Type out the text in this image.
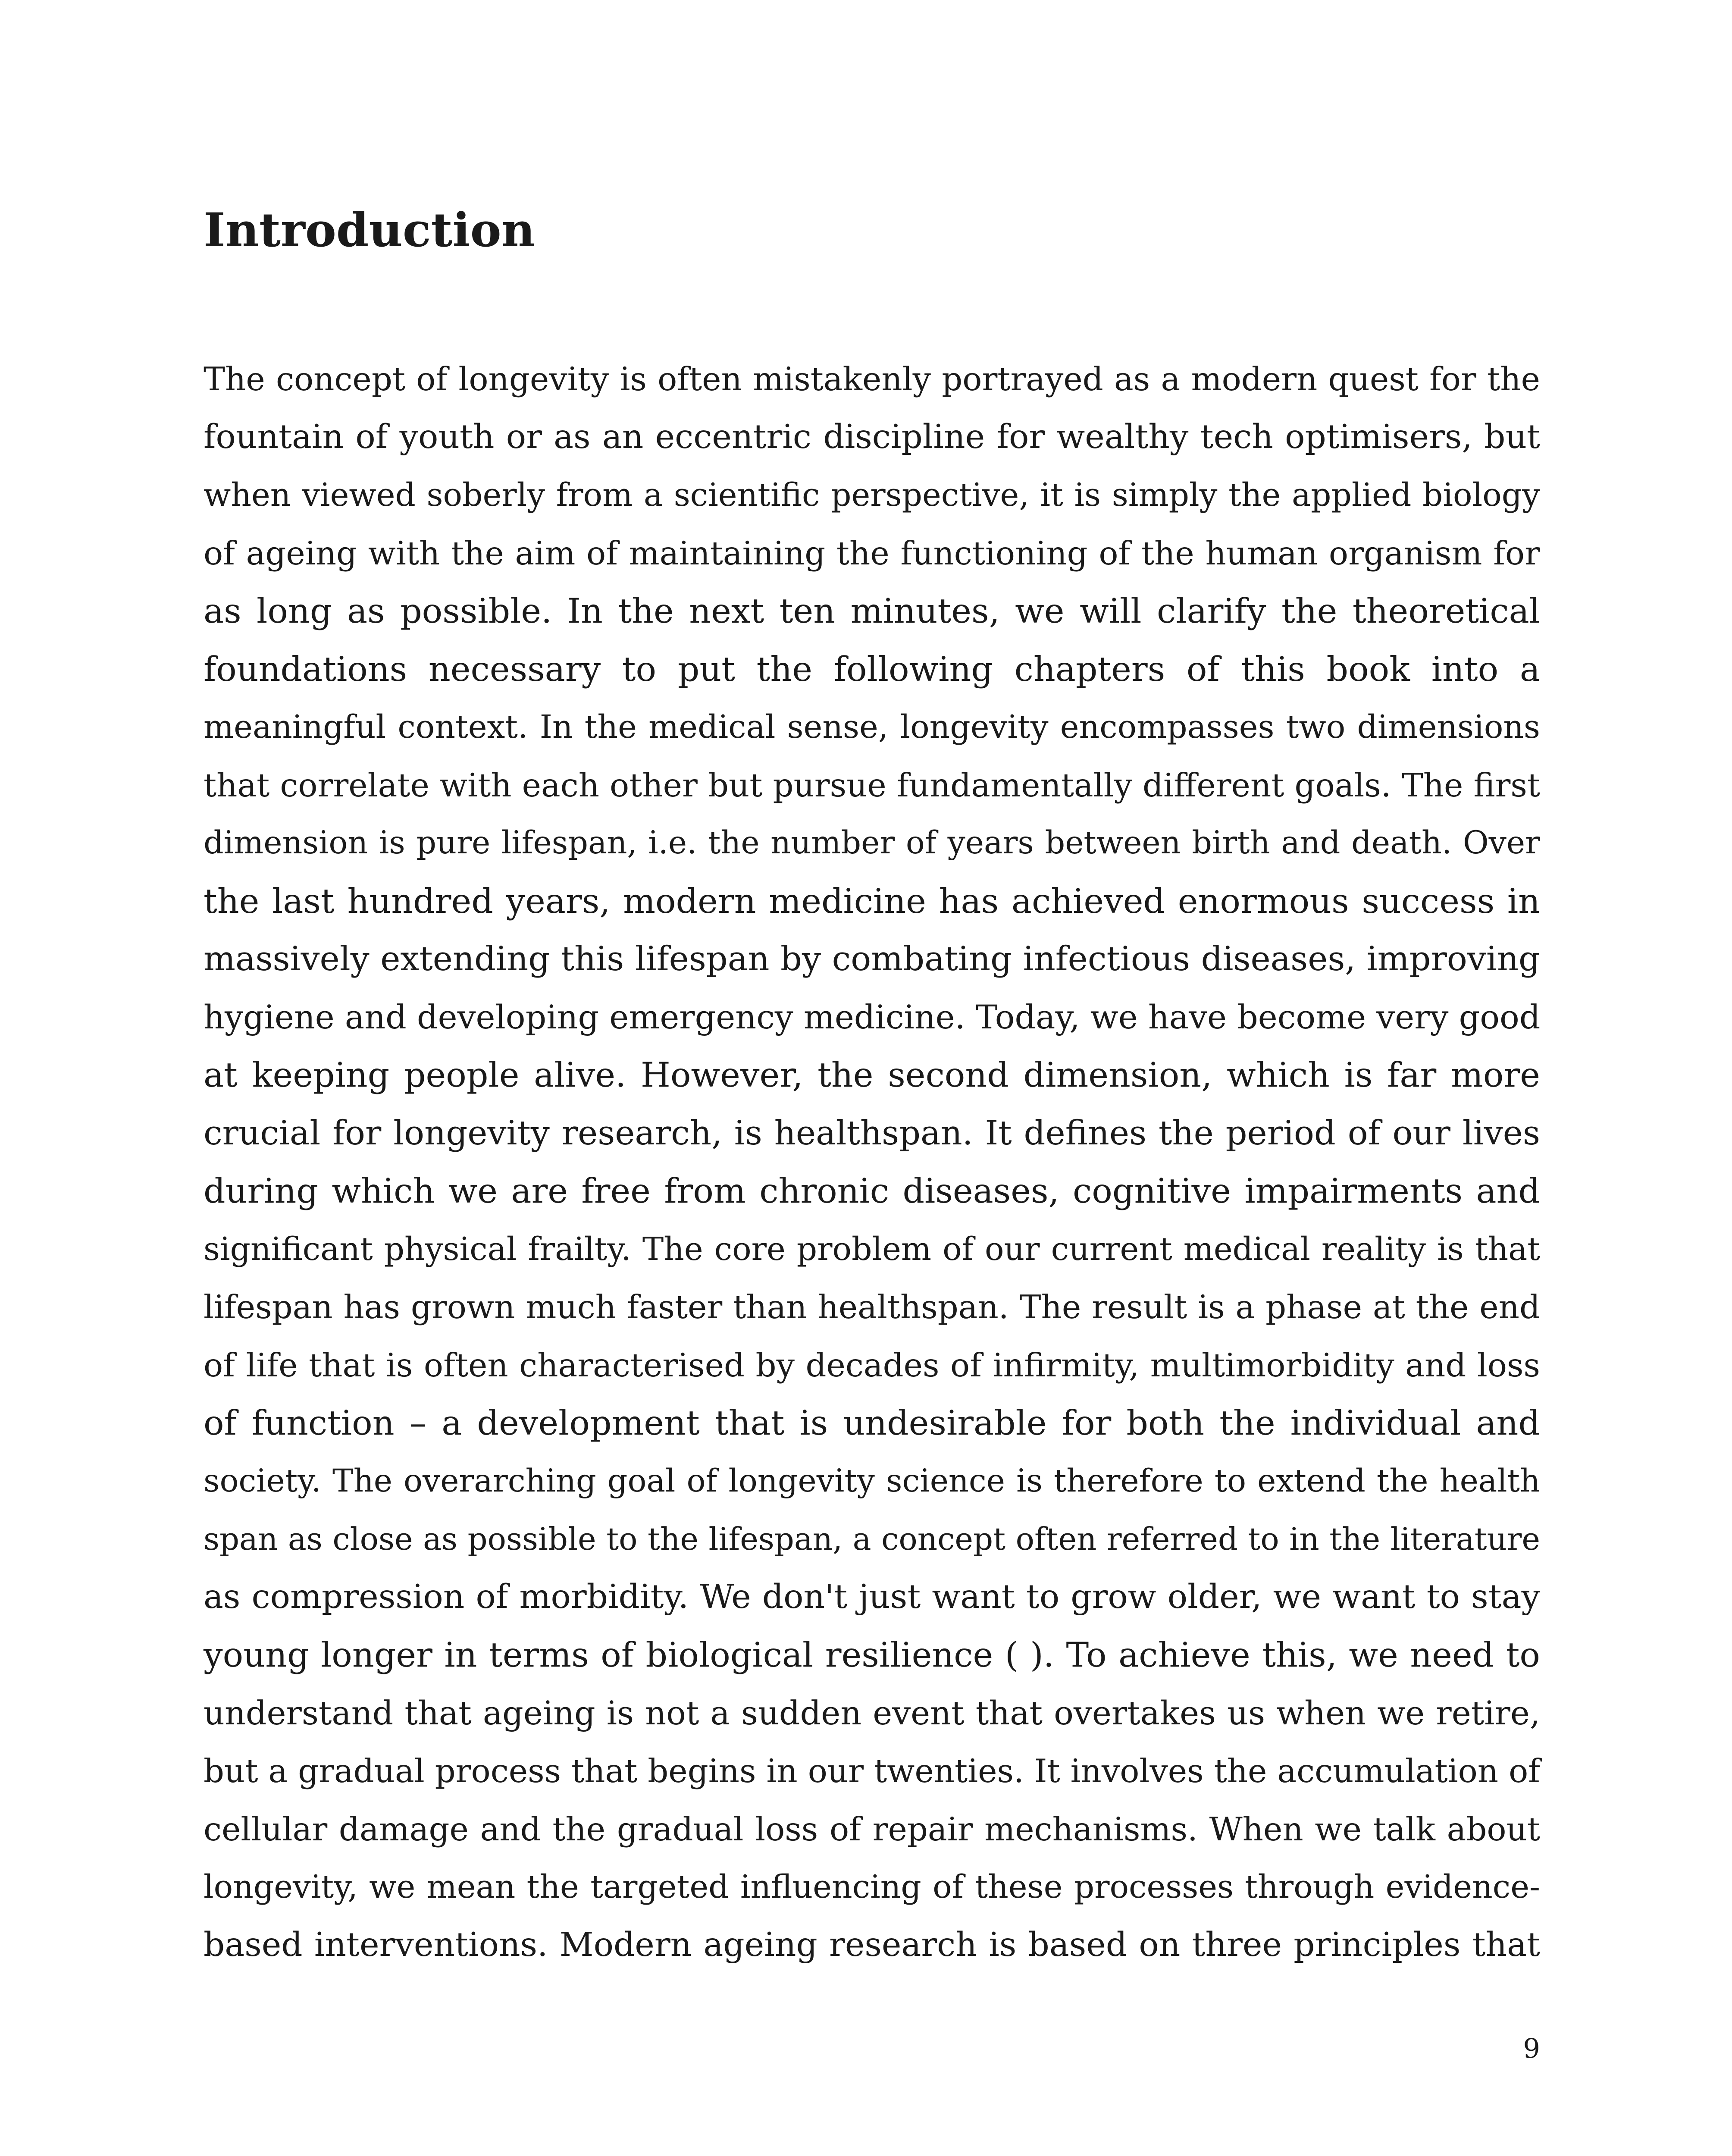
Introduction
The concept of longevity is often mistakenly portrayed as a modern quest for the
fountain of youth or as an eccentric discipline for wealthy tech optimisers, but
when viewed soberly from a scientific perspective, it is simply the applied biology
of ageing with the aim of maintaining the functioning of the human organism for
as long as possible. In the next ten minutes, we will clarify the theoretical
foundations necessary to put the following chapters of this book into a
meaningful context. In the medical sense, longevity encompasses two dimensions
that correlate with each other but pursue fundamentally different goals. The first
dimension is pure lifespan, i.e. the number of years between birth and death. Over
the last hundred years, modern medicine has achieved enormous success in
massively extending this lifespan by combating infectious diseases, improving
hygiene and developing emergency medicine. Today, we have become very good
at keeping people alive. However, the second dimension, which is far more
crucial for longevity research, is healthspan. It defines the period of our lives
during which we are free from chronic diseases, cognitive impairments and
significant physical frailty. The core problem of our current medical reality is that
lifespan has grown much faster than healthspan. The result is a phase at the end
of life that is often characterised by decades of infirmity, multimorbidity and loss
of function – a development that is undesirable for both the individual and
society. The overarching goal of longevity science is therefore to extend the health
span as close as possible to the lifespan, a concept often referred to in the literature
as compression of morbidity. We don't just want to grow older, we want to stay
young longer in terms of biological resilience ( ). To achieve this, we need to
understand that ageing is not a sudden event that overtakes us when we retire,
but a gradual process that begins in our twenties. It involves the accumulation of
cellular damage and the gradual loss of repair mechanisms. When we talk about
longevity, we mean the targeted influencing of these processes through evidence-
based interventions. Modern ageing research is based on three principles that
9
